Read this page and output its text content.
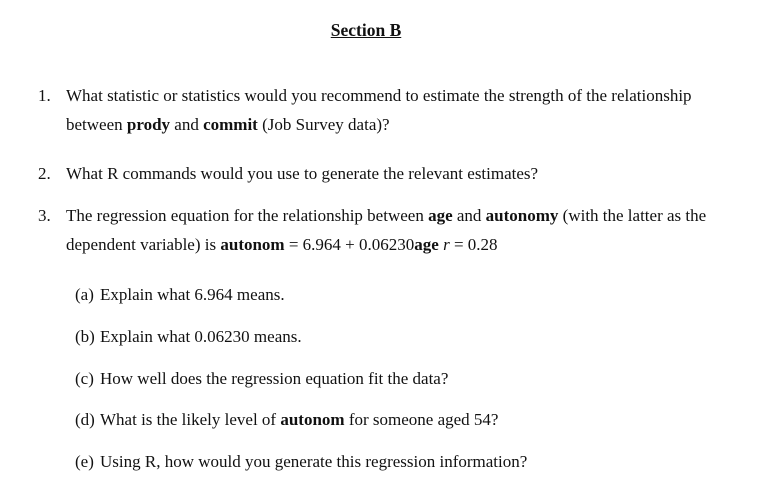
Section B
1. What statistic or statistics would you recommend to estimate the strength of the relationship between prody and commit (Job Survey data)?
2. What R commands would you use to generate the relevant estimates?
3. The regression equation for the relationship between age and autonomy (with the latter as the dependent variable) is autonom = 6.964 + 0.06230age r = 0.28
(a) Explain what 6.964 means.
(b) Explain what 0.06230 means.
(c) How well does the regression equation fit the data?
(d) What is the likely level of autonom for someone aged 54?
(e) Using R, how would you generate this regression information?
